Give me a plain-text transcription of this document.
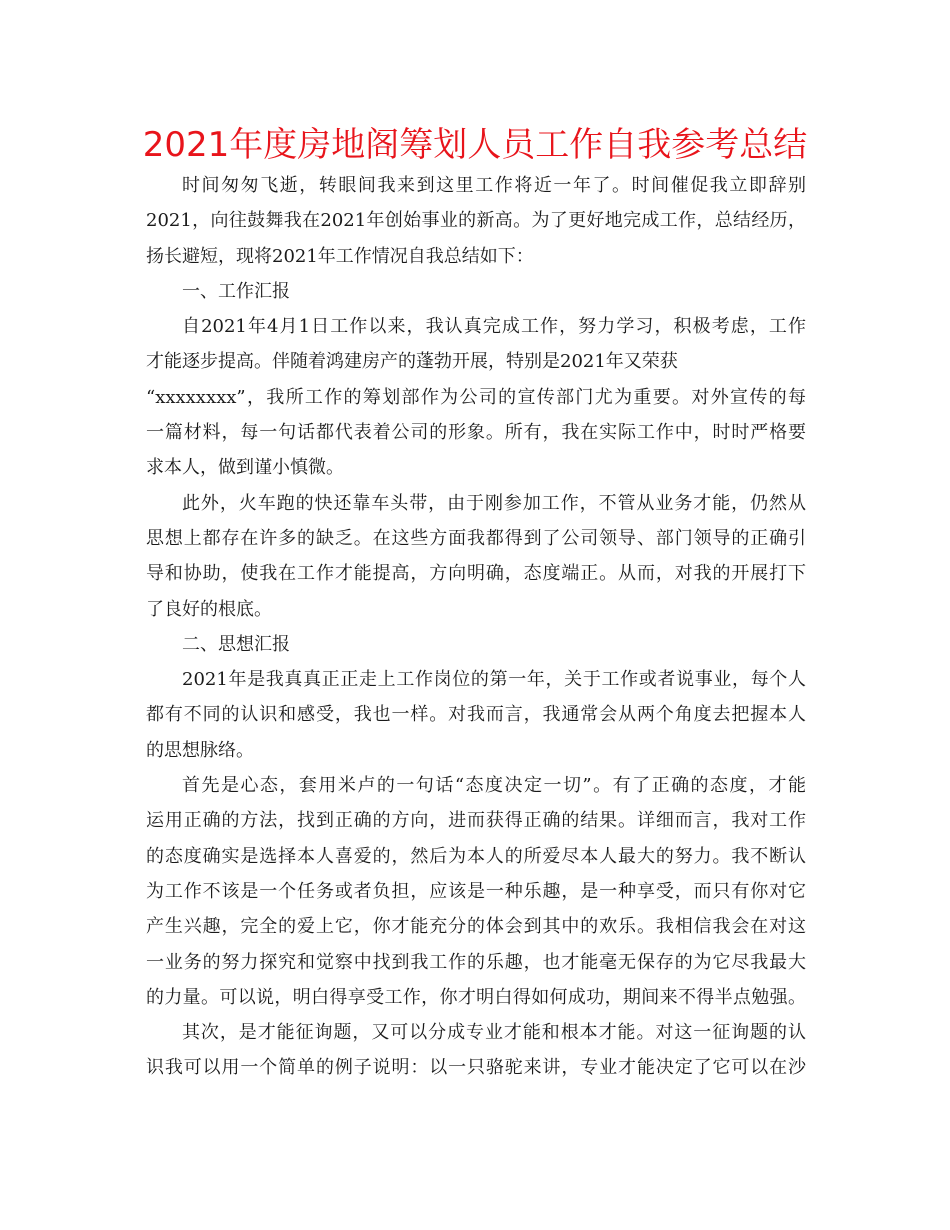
2021年度房地阁筹划人员工作自我参考总结
时间匆匆飞逝，转眼间我来到这里工作将近一年了。时间催促我立即辞别
2021，向往鼓舞我在2021年创始事业的新高。为了更好地完成工作，总结经历，
扬长避短，现将2021年工作情况自我总结如下：
一、工作汇报
自2021年4月1日工作以来，我认真完成工作，努力学习，积极考虑，工作
才能逐步提高。伴随着鸿建房产的蓬勃开展，特别是2021年又荣获
“xxxxxxxx”，我所工作的筹划部作为公司的宣传部门尤为重要。对外宣传的每
一篇材料，每一句话都代表着公司的形象。所有，我在实际工作中，时时严格要
求本人，做到谨小慎微。
此外，火车跑的快还靠车头带，由于刚参加工作，不管从业务才能，仍然从
思想上都存在许多的缺乏。在这些方面我都得到了公司领导、部门领导的正确引
导和协助，使我在工作才能提高，方向明确，态度端正。从而，对我的开展打下
了良好的根底。
二、思想汇报
2021年是我真真正正走上工作岗位的第一年，关于工作或者说事业，每个人
都有不同的认识和感受，我也一样。对我而言，我通常会从两个角度去把握本人
的思想脉络。
首先是心态，套用米卢的一句话“态度决定一切”。有了正确的态度，才能
运用正确的方法，找到正确的方向，进而获得正确的结果。详细而言，我对工作
的态度确实是选择本人喜爱的，然后为本人的所爱尽本人最大的努力。我不断认
为工作不该是一个任务或者负担，应该是一种乐趣，是一种享受，而只有你对它
产生兴趣，完全的爱上它，你才能充分的体会到其中的欢乐。我相信我会在对这
一业务的努力探究和觉察中找到我工作的乐趣，也才能毫无保存的为它尽我最大
的力量。可以说，明白得享受工作，你才明白得如何成功，期间来不得半点勉强。
其次，是才能征询题，又可以分成专业才能和根本才能。对这一征询题的认
识我可以用一个简单的例子说明：以一只骆驼来讲，专业才能决定了它可以在沙
